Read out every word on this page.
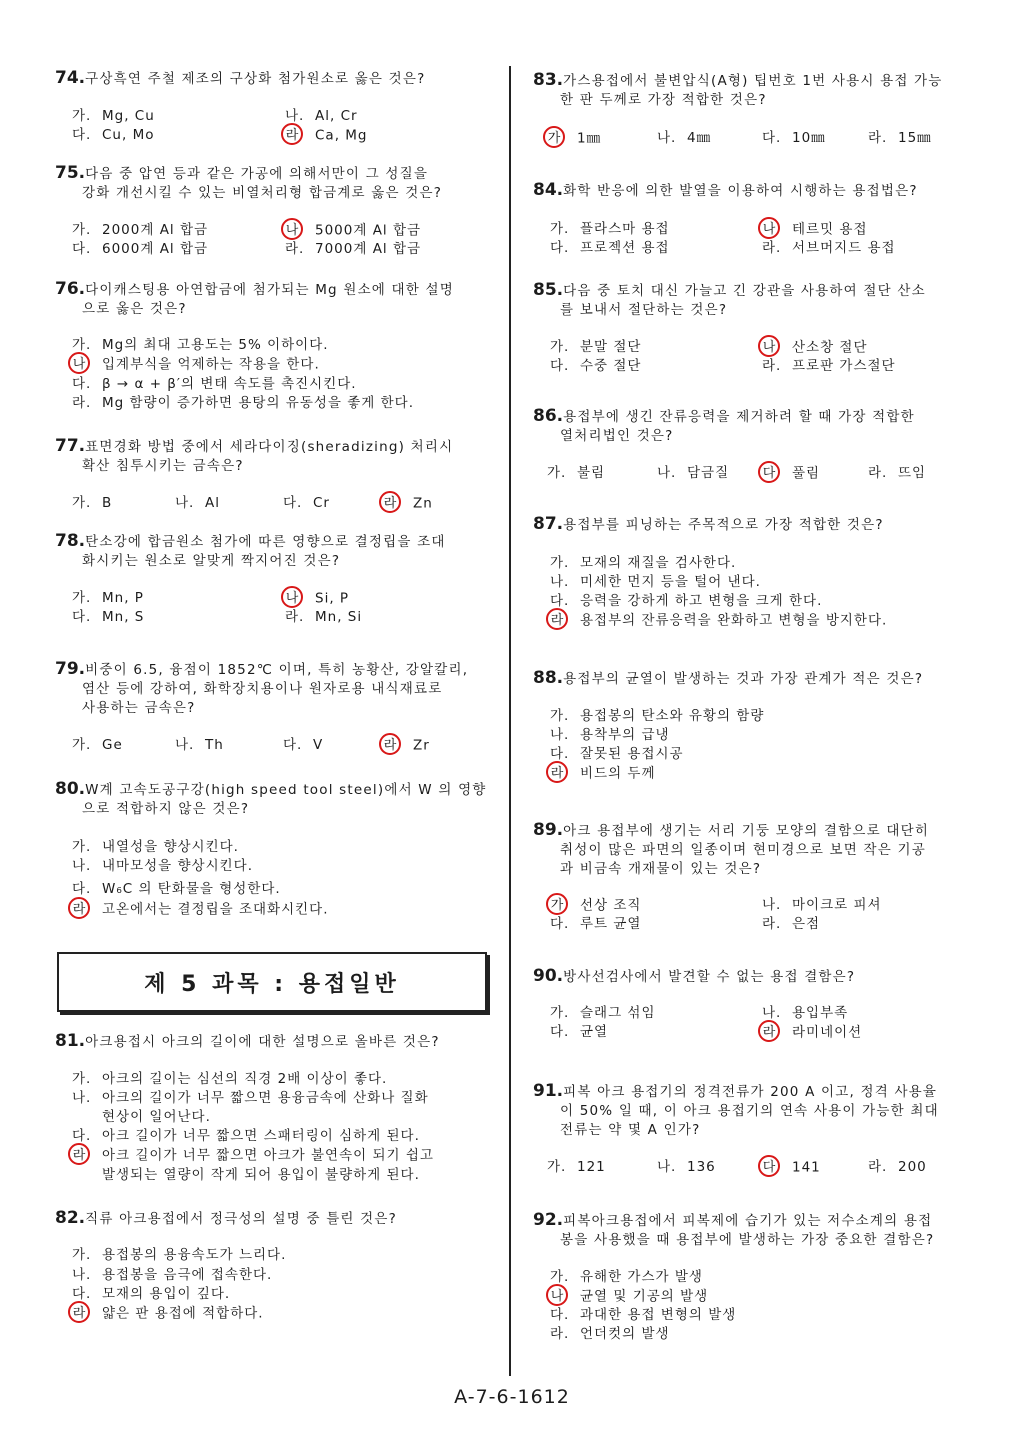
제 5 과목 : 용접일반
A-7-6-1612
74.구상흑연 주철 제조의 구상화 첨가원소로 옳은 것은?
가. Mg, Cu	나. Al, Cr
다. Cu, Mo	라 Ca, Mg
75.다음 중 압연 등과 같은 가공에 의해서만이 그 성질을
강화 개선시킬 수 있는 비열처리형 합금계로 옳은 것은?
가. 2000계 Al 합금	나 5000계 Al 합금
다. 6000계 Al 합금	라. 7000계 Al 합금
76.다이캐스팅용 아연합금에 첨가되는 Mg 원소에 대한 설명
으로 옳은 것은?
가. Mg의 최대 고용도는 5% 이하이다.
나 입계부식을 억제하는 작용을 한다.
다. β → α + β′의 변태 속도를 촉진시킨다.
라. Mg 함량이 증가하면 용탕의 유동성을 좋게 한다.
77.표면경화 방법 중에서 세라다이징(sheradizing) 처리시
확산 침투시키는 금속은?
가. B	나. Al	다. Cr	라 Zn
78.탄소강에 합금원소 첨가에 따른 영향으로 결정립을 조대
화시키는 원소로 알맞게 짝지어진 것은?
가. Mn, P	나 Si, P
다. Mn, S	라. Mn, Si
79.비중이 6.5, 융점이 1852℃ 이며, 특히 농황산, 강알칼리,
염산 등에 강하여, 화학장치용이나 원자로용 내식재료로
사용하는 금속은?
가. Ge	나. Th	다. V	라 Zr
80.W계 고속도공구강(high speed tool steel)에서 W 의 영향
으로 적합하지 않은 것은?
가. 내열성을 향상시킨다.
나. 내마모성을 향상시킨다.
다. W₆C 의 탄화물을 형성한다.
라 고온에서는 결정립을 조대화시킨다.
81.아크용접시 아크의 길이에 대한 설명으로 올바른 것은?
가. 아크의 길이는 심선의 직경 2배 이상이 좋다.
나. 아크의 길이가 너무 짧으면 용융금속에 산화나 질화
현상이 일어난다.
다. 아크 길이가 너무 짧으면 스패터링이 심하게 된다.
라 아크 길이가 너무 짧으면 아크가 불연속이 되기 쉽고
발생되는 열량이 작게 되어 용입이 불량하게 된다.
82.직류 아크용접에서 정극성의 설명 중 틀린 것은?
가. 용접봉의 용융속도가 느리다.
나. 용접봉을 음극에 접속한다.
다. 모재의 용입이 깊다.
라 얇은 판 용접에 적합하다.
83.가스용접에서 불변압식(A형) 팁번호 1번 사용시 용접 가능
한 판 두께로 가장 적합한 것은?
가 1㎜	나. 4㎜	다. 10㎜	라. 15㎜
84.화학 반응에 의한 발열을 이용하여 시행하는 용접법은?
가. 플라스마 용접	나 테르밋 용접
다. 프로젝션 용접	라. 서브머지드 용접
85.다음 중 토치 대신 가늘고 긴 강관을 사용하여 절단 산소
를 보내서 절단하는 것은?
가. 분말 절단	나 산소창 절단
다. 수중 절단	라. 프로판 가스절단
86.용접부에 생긴 잔류응력을 제거하려 할 때 가장 적합한
열처리법인 것은?
가. 불림	나. 담금질	다 풀림	라. 뜨임
87.용접부를 피닝하는 주목적으로 가장 적합한 것은?
가. 모재의 재질을 검사한다.
나. 미세한 먼지 등을 털어 낸다.
다. 응력을 강하게 하고 변형을 크게 한다.
라 용접부의 잔류응력을 완화하고 변형을 방지한다.
88.용접부의 균열이 발생하는 것과 가장 관계가 적은 것은?
가. 용접봉의 탄소와 유황의 함량
나. 용착부의 급냉
다. 잘못된 용접시공
라 비드의 두께
89.아크 용접부에 생기는 서리 기둥 모양의 결함으로 대단히
취성이 많은 파면의 일종이며 현미경으로 보면 작은 기공
과 비금속 개재물이 있는 것은?
가 선상 조직	나. 마이크로 피셔
다. 루트 균열	라. 은점
90.방사선검사에서 발견할 수 없는 용접 결함은?
가. 슬래그 섞임	나. 용입부족
다. 균열	라 라미네이션
91.피복 아크 용접기의 정격전류가 200 A 이고, 정격 사용율
이 50% 일 때, 이 아크 용접기의 연속 사용이 가능한 최대
전류는 약 몇 A 인가?
가. 121	나. 136	다 141	라. 200
92.피복아크용접에서 피복제에 습기가 있는 저수소계의 용접
봉을 사용했을 때 용접부에 발생하는 가장 중요한 결함은?
가. 유해한 가스가 발생
나 균열 및 기공의 발생
다. 과대한 용접 변형의 발생
라. 언더컷의 발생
